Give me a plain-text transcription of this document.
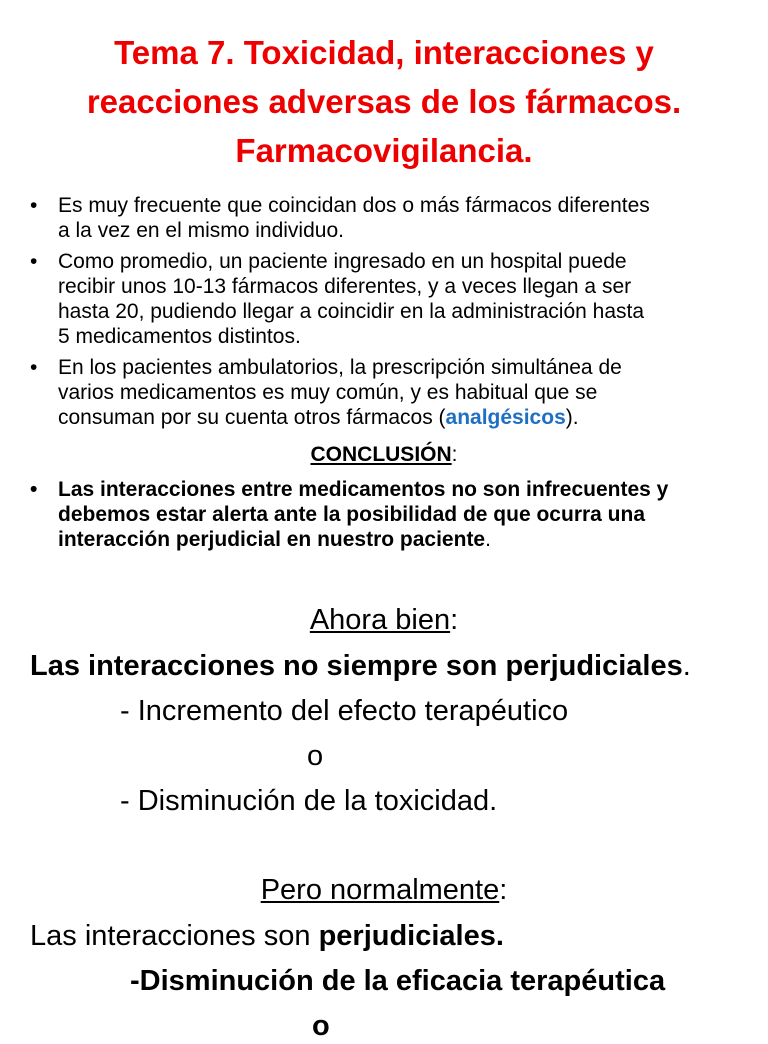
Tema 7. Toxicidad, interacciones y
reacciones adversas de los fármacos.
Farmacovigilancia.
• Es muy frecuente que coincidan dos o más fármacos diferentes
a la vez en el mismo individuo.
• Como promedio, un paciente ingresado en un hospital puede
recibir unos 10-13 fármacos diferentes, y a veces llegan a ser
hasta 20, pudiendo llegar a coincidir en la administración hasta
5 medicamentos distintos.
• En los pacientes ambulatorios, la prescripción simultánea de
varios medicamentos es muy común, y es habitual que se
consuman por su cuenta otros fármacos (analgésicos).
CONCLUSIÓN:
• Las interacciones entre medicamentos no son infrecuentes y
debemos estar alerta ante la posibilidad de que ocurra una
interacción perjudicial en nuestro paciente.
Ahora bien:
Las interacciones no siempre son perjudiciales.
- Incremento del efecto terapéutico
o
- Disminución de la toxicidad.
Pero normalmente:
Las interacciones son perjudiciales.
-Disminución de la eficacia terapéutica
o
